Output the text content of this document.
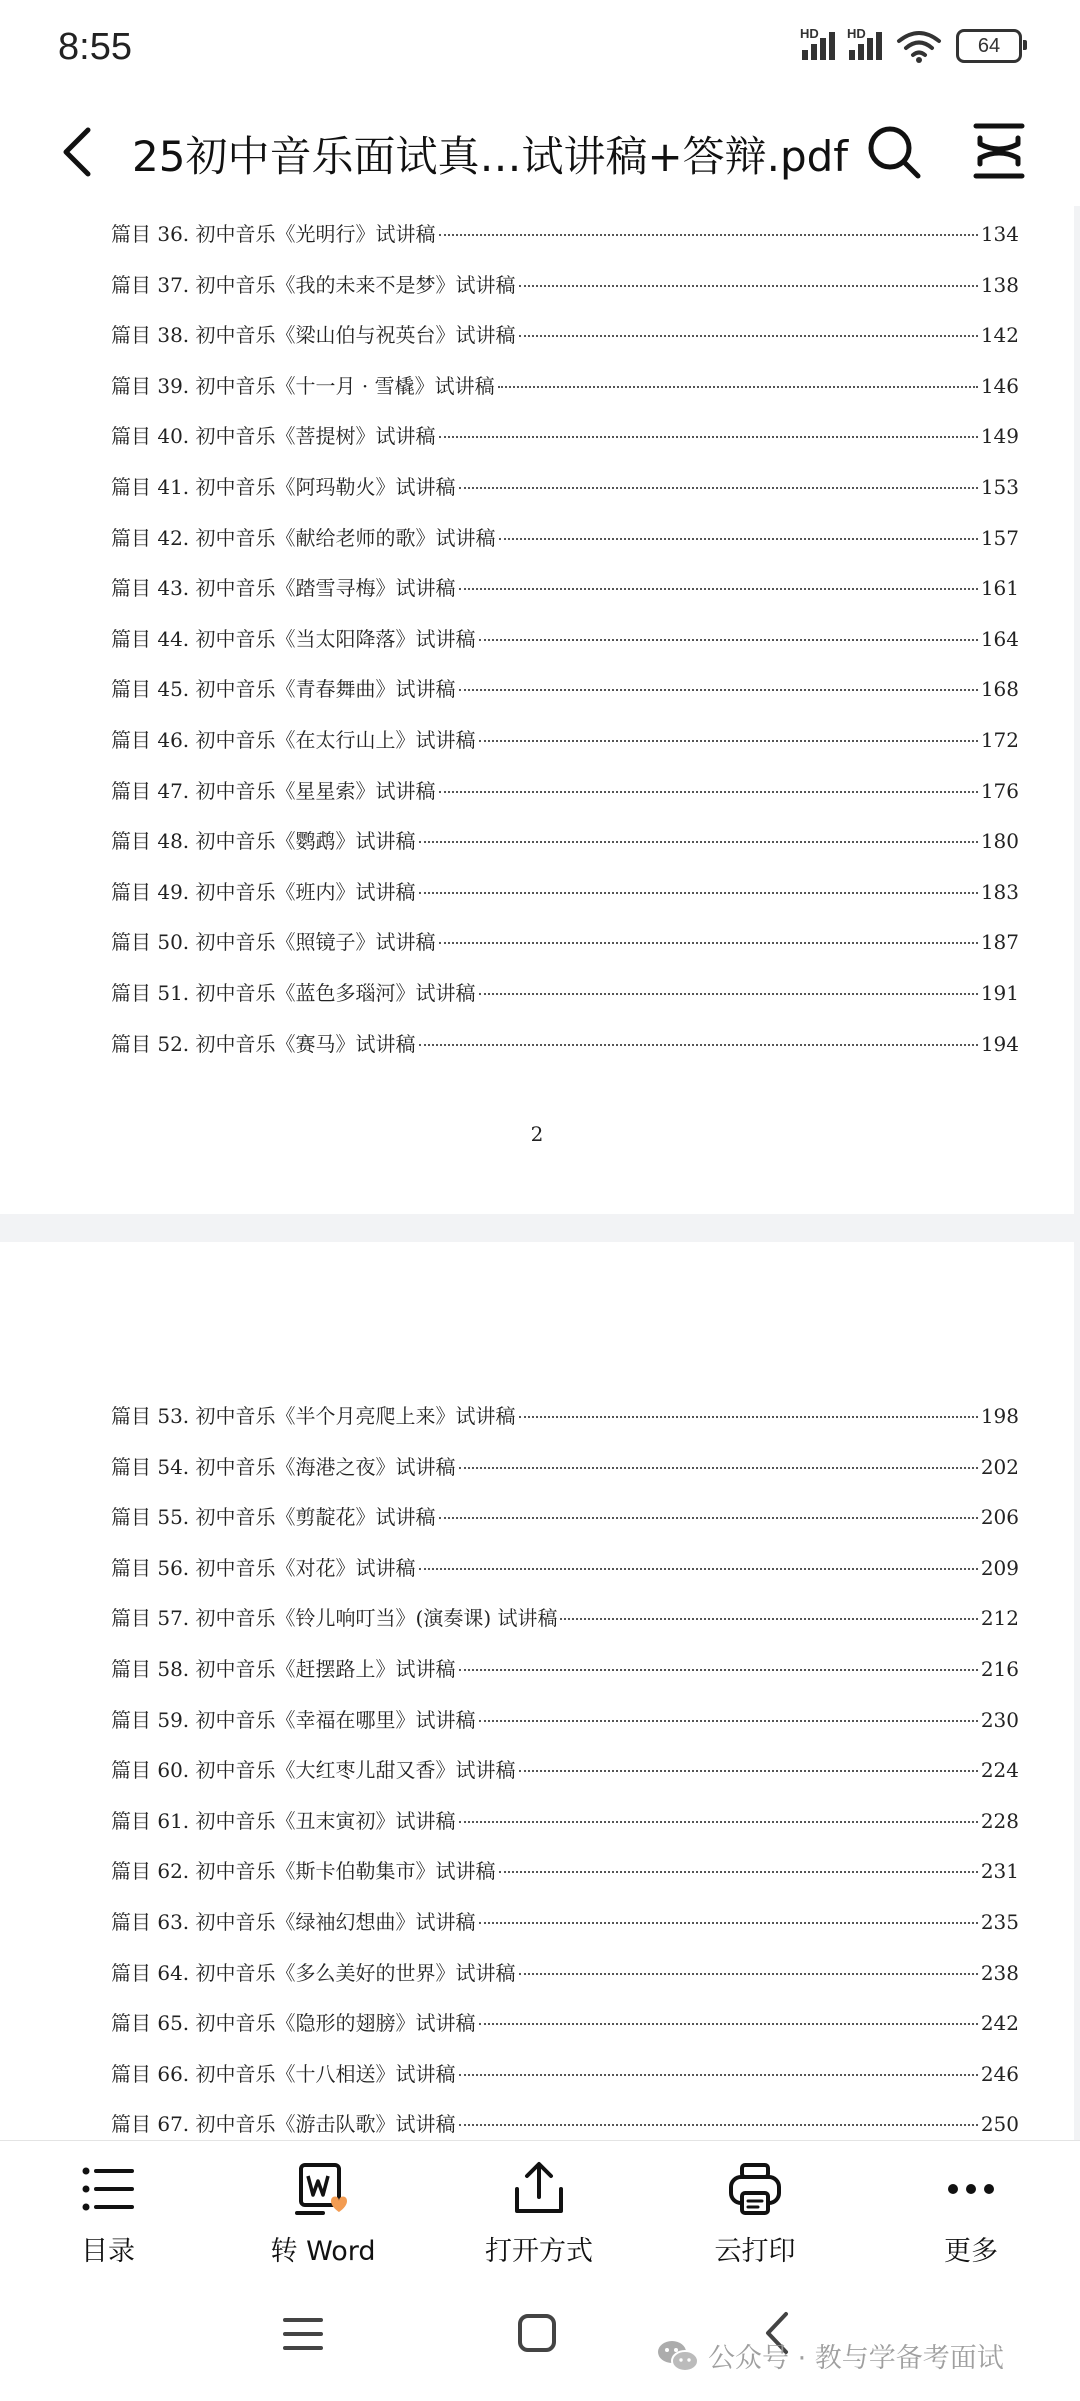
8:55	HD HD
64
25初中音乐面试真…试讲稿+答辩.pdf
篇目 36. 初中音乐《光明行》试讲稿	134
篇目 37. 初中音乐《我的未来不是梦》试讲稿	138
篇目 38. 初中音乐《梁山伯与祝英台》试讲稿	142
篇目 39. 初中音乐《十一月 · 雪橇》试讲稿	146
篇目 40. 初中音乐《菩提树》试讲稿	149
篇目 41. 初中音乐《阿玛勒火》试讲稿	153
篇目 42. 初中音乐《献给老师的歌》试讲稿	157
篇目 43. 初中音乐《踏雪寻梅》试讲稿	161
篇目 44. 初中音乐《当太阳降落》试讲稿	164
篇目 45. 初中音乐《青春舞曲》试讲稿	168
篇目 46. 初中音乐《在太行山上》试讲稿	172
篇目 47. 初中音乐《星星索》试讲稿	176
篇目 48. 初中音乐《鹦鹉》试讲稿	180
篇目 49. 初中音乐《班内》试讲稿	183
篇目 50. 初中音乐《照镜子》试讲稿	187
篇目 51. 初中音乐《蓝色多瑙河》试讲稿	191
篇目 52. 初中音乐《赛马》试讲稿	194
2
篇目 53. 初中音乐《半个月亮爬上来》试讲稿	198
篇目 54. 初中音乐《海港之夜》试讲稿	202
篇目 55. 初中音乐《剪靛花》试讲稿	206
篇目 56. 初中音乐《对花》试讲稿	209
篇目 57. 初中音乐《铃儿响叮当》(演奏课) 试讲稿	212
篇目 58. 初中音乐《赶摆路上》试讲稿	216
篇目 59. 初中音乐《幸福在哪里》试讲稿	230
篇目 60. 初中音乐《大红枣儿甜又香》试讲稿	224
篇目 61. 初中音乐《丑末寅初》试讲稿	228
篇目 62. 初中音乐《斯卡伯勒集市》试讲稿	231
篇目 63. 初中音乐《绿袖幻想曲》试讲稿	235
篇目 64. 初中音乐《多么美好的世界》试讲稿	238
篇目 65. 初中音乐《隐形的翅膀》试讲稿	242
篇目 66. 初中音乐《十八相送》试讲稿	246
篇目 67. 初中音乐《游击队歌》试讲稿	250
目录	转 Word	打开方式	云打印	更多
公众号 · 教与学备考面试
